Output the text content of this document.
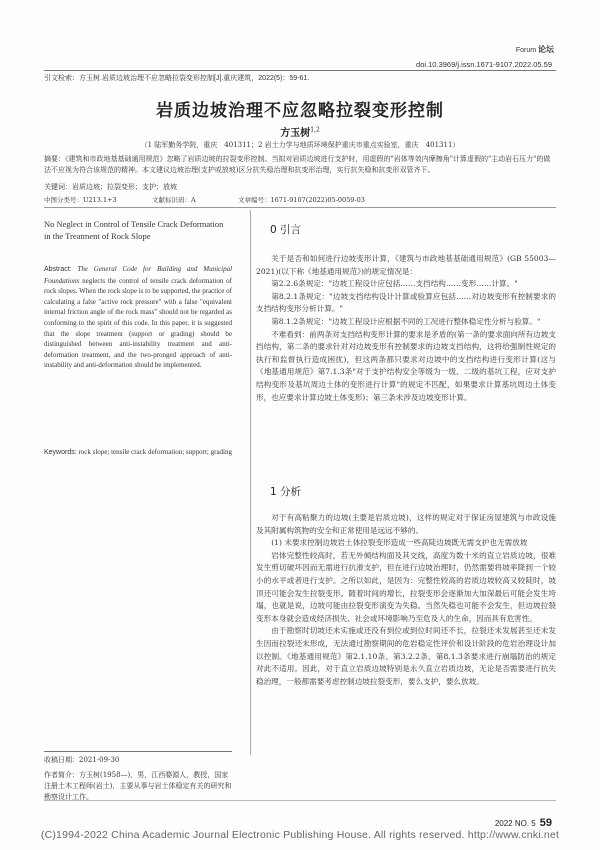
Forum 论坛
doi.10.3969/j.issn.1671-9107.2022.05.59
引文检索：方玉树.岩质边坡治理不应忽略拉裂变形控制[J].重庆建筑，2022(5)：59-61.
岩质边坡治理不应忽略拉裂变形控制
方玉树$^{1,2}$
（1 陆军勤务学院，重庆　401311；2 岩土力学与地质环境保护重庆市重点实验室，重庆　401311）
摘要：《建筑和市政地基基础通用规范》忽略了岩质边坡的拉裂变形控制。当拟对岩质边坡进行支护时，用虚假的"岩体等效内摩擦角"计算虚假的"主动岩石压力"的做法不应视为符合该规范的精神。本文建议边坡治理(支护或放坡)区分抗失稳治理和抗变形治理，实行抗失稳和抗变形双管齐下。
关键词：岩质边坡；拉裂变形；支护；放坡
中图分类号：U213.1+3	文献标识码：A	文章编号：1671-9107(2022)05-0059-03
No Neglect in Control of Tensile Crack Deformation in the Treatment of Rock Slope
Abstract: The General Code for Building and Municipal Foundations neglects the control of tensile crack deformation of rock slopes. When the rock slope is to be supported, the practice of calculating a false "active rock pressure" with a false "equivalent internal friction angle of the rock mass" should not be regarded as conforming to the spirit of this code. In this paper, it is suggested that the slope treatment (support or grading) should be distinguished between anti-instability treatment and anti-deformation treatment, and the two-pronged approach of anti-instability and anti-deformation should be implemented.
Keywords: rock slope; tensile crack deformation; support; grading
收稿日期：2021-09-30
作者简介：方玉树(1958—)，男，江西婺源人，教授，国家注册土木工程师(岩土)，主要从事与岩土体稳定有关的研究和勘察设计工作。
0 引言

关于是否和如何进行边坡变形计算，《建筑与市政地基基础通用规范》(GB 55003—2021)(以下称《地基通用规范》)的规定情况是：

第2.2.6条规定："边坡工程设计应包括……支挡结构……变形……计算。"

第8.2.1条规定："边坡支挡结构设计计算或验算应包括……对边坡变形有控制要求的支挡结构变形分析计算。"

第8.1.2条规定："边坡工程设计应根据不同的工况进行整体稳定性分析与验算。"

不难看到：前两条对支挡结构变形计算的要求是矛盾的(第一条的要求面向所有边坡支挡结构，第二条的要求针对对边坡变形有控制要求的边坡支挡结构，这将给强制性规定的执行和监督执行造成困扰)，但这两条都只要求对边坡中的支挡结构进行变形计算(这与《地基通用规范》第7.1.3条"对于支护结构安全等级为一级、二级的基坑工程，应对支护结构变形及基坑周边土体的变形进行计算"的规定不匹配，如果要求计算基坑周边土体变形，也应要求计算边坡土体变形)；第三条未涉及边坡变形计算。

1 分析

对于有高粘聚力的边坡(主要是岩质边坡)，这样的规定对于保证房屋建筑与市政设施及其附属构筑物的安全和正常使用是远远不够的。

(1) 未要求控制边坡岩土体拉裂变形造成一些高陡边坡既无需支护也无需放坡

岩体完整性较高时，若无外倾结构面及其交线，高度为数十米的直立岩质边坡，很难发生剪切破坏因而无需进行抗滑支护，但在进行边坡治理时，仍然需要将坡率降到一个较小的水平或者进行支护。之所以如此，是因为：完整性较高的岩质边坡较高又较陡时，坡顶还可能会发生拉裂变形。随着时间的增长，拉裂变形会逐渐加大加深最后可能会发生垮塌，也就是说，边坡可能由拉裂变形演变为失稳。当然失稳也可能不会发生，但边坡拉裂变形本身就会造成经济损失、社会或环境影响乃至危及人的生命，因而具有危害性。

由于勘察时切坡还未实施或还没有到位或到位时间还不长，拉裂还未发展甚至还未发生因而拉裂还未形成，无法通过勘察期间的危岩稳定性评价和设计阶段的危岩治理设计加以控制。《地基通用规范》第2.1.10条、第3.2.2条、第8.1.3条要求进行崩塌防治的规定对此不适用。因此，对于直立岩质边坡特别是永久直立岩质边坡，无论是否需要进行抗失稳治理，一般都需要考虑控制边坡拉裂变形，要么支护，要么放坡。

2022 NO. 5 59
(C)1994-2022 China Academic Journal Electronic Publishing House. All rights reserved. http://www.cnki.net
